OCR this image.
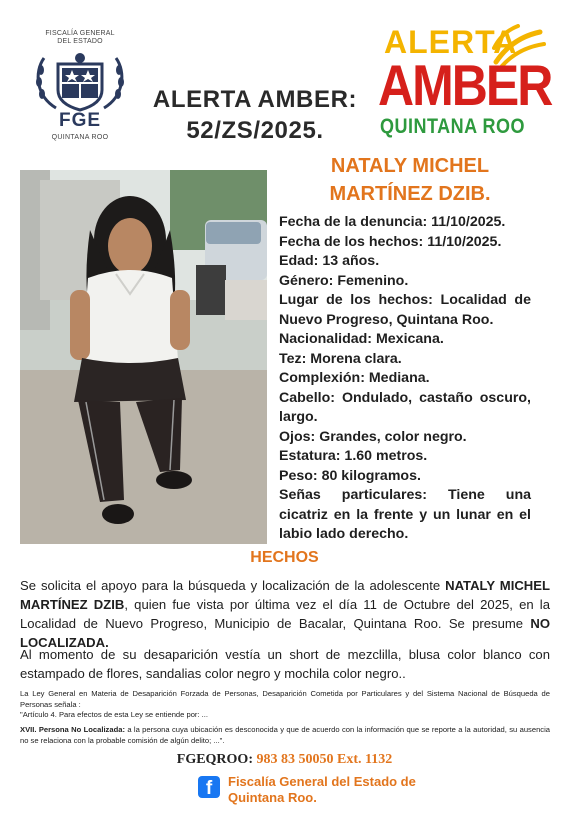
FISCALÍA GENERAL
DEL ESTADO
FGE
QUINTANA ROO
ALERTA AMBER:
52/ZS/2025.
ALERTA
AMBER
QUINTANA ROO
NATALY MICHEL
MARTÍNEZ DZIB.
Fecha de la denuncia: 11/10/2025.
Fecha de los hechos: 11/10/2025.
Edad: 13 años.
Género: Femenino.
Lugar de los hechos: Localidad de Nuevo Progreso, Quintana Roo.
Nacionalidad: Mexicana.
Tez: Morena clara.
Complexión: Mediana.
Cabello: Ondulado, castaño oscuro, largo.
Ojos: Grandes, color negro.
Estatura: 1.60 metros.
Peso: 80 kilogramos.
Señas particulares: Tiene una cicatriz en la frente y un lunar en el labio lado derecho.
HECHOS

Se solicita el apoyo para la búsqueda y localización de la adolescente NATALY MICHEL MARTÍNEZ DZIB, quien fue vista por última vez el día 11 de Octubre del 2025, en la Localidad de Nuevo Progreso, Municipio de Bacalar, Quintana Roo. Se presume NO LOCALIZADA.

Al momento de su desaparición vestía un short de mezclilla, blusa color blanco con estampado de flores, sandalias color negro y mochila color negro..

La Ley General en Materia de Desaparición Forzada de Personas, Desaparición Cometida por Particulares y del Sistema Nacional de Búsqueda de Personas señala :

"Artículo 4. Para efectos de esta Ley se entiende por: ...

XVII. Persona No Localizada: a la persona cuya ubicación es desconocida y que de acuerdo con la información que se reporte a la autoridad, su ausencia no se relaciona con la probable comisión de algún delito; ...".

FGEQROO: 983 83 50050 Ext. 1132
f	Fiscalía General del Estado de
Quintana Roo.
